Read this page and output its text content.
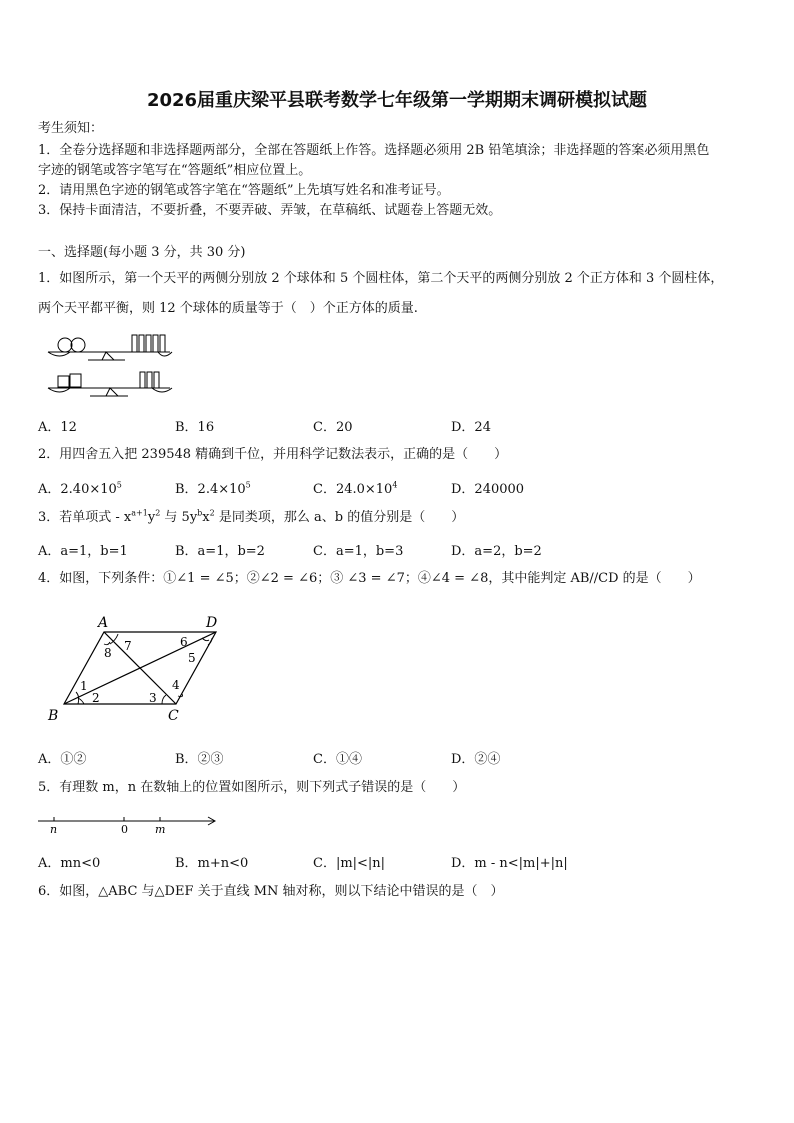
2026届重庆梁平县联考数学七年级第一学期期末调研模拟试题
考生须知：
1．全卷分选择题和非选择题两部分，全部在答题纸上作答。选择题必须用 2B 铅笔填涂；非选择题的答案必须用黑色
字迹的钢笔或答字笔写在“答题纸”相应位置上。
2．请用黑色字迹的钢笔或答字笔在“答题纸”上先填写姓名和准考证号。
3．保持卡面清洁，不要折叠，不要弄破、弄皱，在草稿纸、试题卷上答题无效。
一、选择题(每小题 3 分，共 30 分)
1．如图所示，第一个天平的两侧分别放 2 个球体和 5 个圆柱体，第二个天平的两侧分别放 2 个正方体和 3 个圆柱体，
两个天平都平衡，则 12 个球体的质量等于（　）个正方体的质量.
A．12	B．16	C．20	D．24
2．用四舍五入把 239548 精确到千位，并用科学记数法表示，正确的是（　　）
A．$2.40\times 10^5$	B．$2.4\times 10^5$	C．$24.0\times 10^4$	D．240000
3．若单项式 - $x^{a+1}y^2$ 与 $5y^bx^2$ 是同类项，那么 a、b 的值分别是（　　）
A．a=1，b=1	B．a=1，b=2	C．a=1，b=3	D．a=2，b=2
4．如图，下列条件：①∠1 = ∠5；②∠2 = ∠6；③ ∠3 = ∠7；④∠4 = ∠8，其中能判定 AB//CD 的是（　　）
A	D
B	C
1
2	3
4
5
6
7
8
A．①②	B．②③	C．①④	D．②④
5．有理数 m，n 在数轴上的位置如图所示，则下列式子错误的是（　　）
n	0 m
A．mn<0	B．m+n<0	C．|m|<|n|	D．m - n<|m|+|n|
6．如图，△ABC 与△DEF 关于直线 MN 轴对称，则以下结论中错误的是（　）
